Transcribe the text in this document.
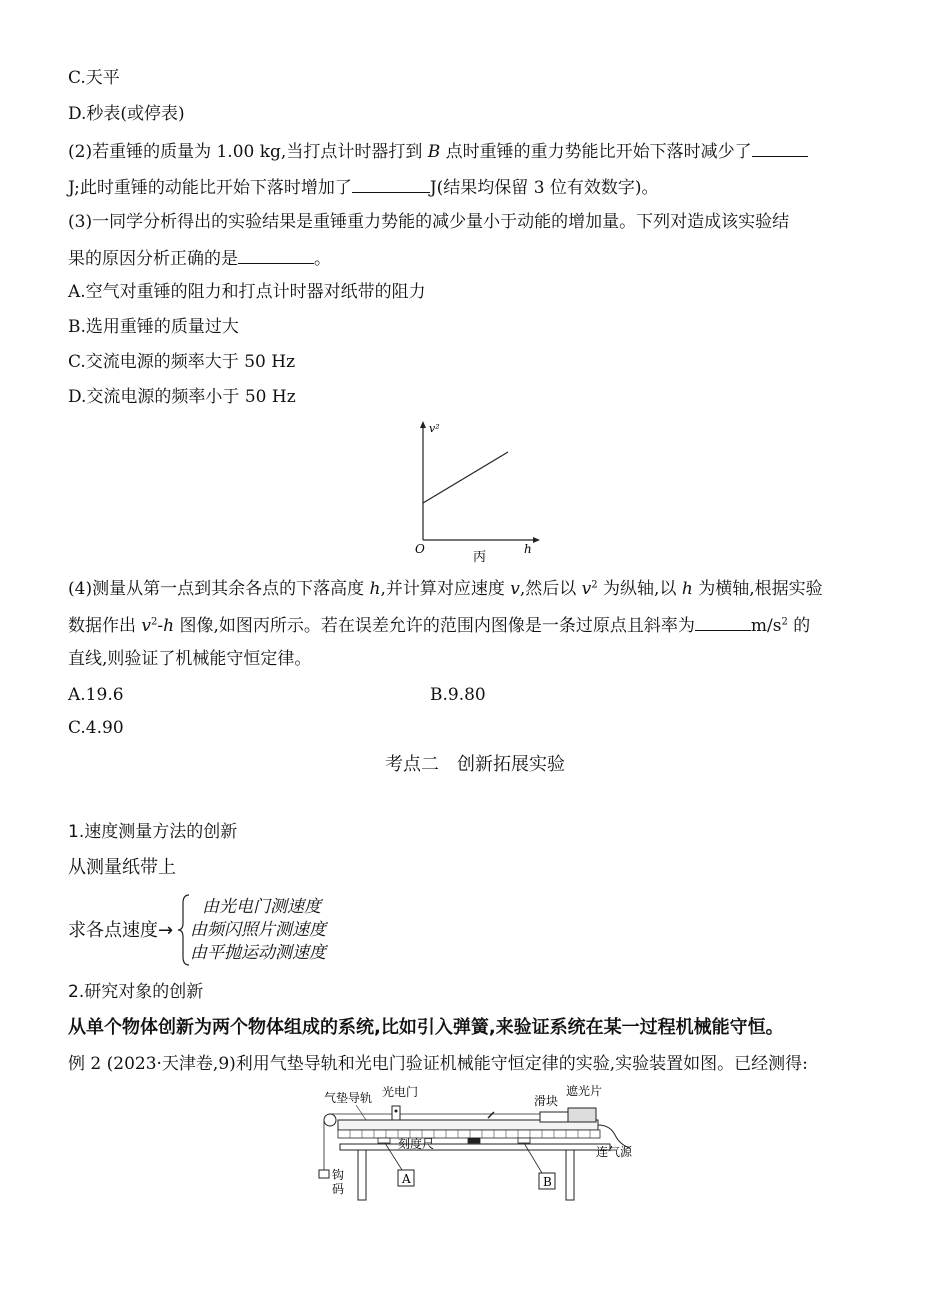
C.天平
D.秒表(或停表)
(2)若重锤的质量为 1.00 kg,当打点计时器打到 B 点时重锤的重力势能比开始下落时减少了
J;此时重锤的动能比开始下落时增加了	J(结果均保留 3 位有效数字)。
(3)一同学分析得出的实验结果是重锤重力势能的减少量小于动能的增加量。下列对造成该实验结
果的原因分析正确的是	。
A.空气对重锤的阻力和打点计时器对纸带的阻力
B.选用重锤的质量过大
C.交流电源的频率大于 50 Hz
D.交流电源的频率小于 50 Hz
v²
O	h
丙
(4)测量从第一点到其余各点的下落高度 h,并计算对应速度 v,然后以 $v^2$ 为纵轴,以 h 为横轴,根据实验
数据作出 $v^2-h$ 图像,如图丙所示。若在误差允许的范围内图像是一条过原点且斜率为	$m/s^2$ 的
直线,则验证了机械能守恒定律。
A.19.6	B.9.80
C.4.90
考点二　创新拓展实验
1.速度测量方法的创新
从测量纸带上
求各点速度→
由光电门测速度
由频闪照片测速度
由平抛运动测速度
2.研究对象的创新
从单个物体创新为两个物体组成的系统,比如引入弹簧,来验证系统在某一过程机械能守恒。
例 2 (2023·天津卷,9)利用气垫导轨和光电门验证机械能守恒定律的实验,实验装置如图。已经测得:
钩
码
A	B
气垫导轨 光电门
滑块
遮光片
刻度尺
连气源
